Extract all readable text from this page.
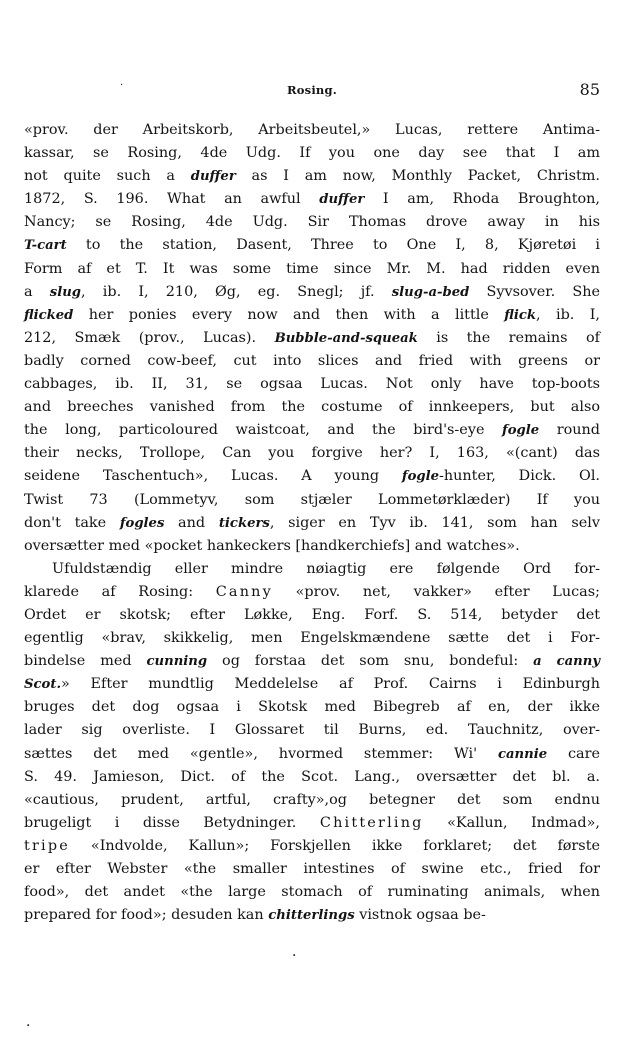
Rosing.	85
«prov. der Arbeitskorb, Arbeitsbeutel,» Lucas, rettere Antima-
kassar, se Rosing, 4de Udg. If you one day see that I am
not quite such a duffer as I am now, Monthly Packet, Christm.
1872, S. 196. What an awful duffer I am, Rhoda Broughton,
Nancy; se Rosing, 4de Udg. Sir Thomas drove away in his
T-cart to the station, Dasent, Three to One I, 8, Kjøretøi i
Form af et T. It was some time since Mr. M. had ridden even
a slug, ib. I, 210, Øg, eg. Snegl; jf. slug-a-bed Syvsover. She
flicked her ponies every now and then with a little flick, ib. I,
212, Smæk (prov., Lucas). Bubble-and-squeak is the remains of
badly corned cow-beef, cut into slices and fried with greens or
cabbages, ib. II, 31, se ogsaa Lucas. Not only have top-boots
and breeches vanished from the costume of innkeepers, but also
the long, particoloured waistcoat, and the bird's-eye fogle round
their necks, Trollope, Can you forgive her? I, 163, «(cant) das
seidene Taschentuch», Lucas. A young fogle-hunter, Dick. Ol.
Twist 73 (Lommetyv, som stjæler Lommetørklæder) If you
don't take fogles and tickers, siger en Tyv ib. 141, som han selv
oversætter med «pocket hankeckers [handkerchiefs] and watches».
Ufuldstændig eller mindre nøiagtig ere følgende Ord for-
klarede af Rosing: Canny «prov. net, vakker» efter Lucas;
Ordet er skotsk; efter Løkke, Eng. Forf. S. 514, betyder det
egentlig «brav, skikkelig, men Engelskmændene sætte det i For-
bindelse med cunning og forstaa det som snu, bondeful: a canny
Scot.» Efter mundtlig Meddelelse af Prof. Cairns i Edinburgh
bruges det dog ogsaa i Skotsk med Bibegreb af en, der ikke
lader sig overliste. I Glossaret til Burns, ed. Tauchnitz, over-
sættes det med «gentle», hvormed stemmer: Wi' cannie care
S. 49. Jamieson, Dict. of the Scot. Lang., oversætter det bl. a.
«cautious, prudent, artful, crafty»,og betegner det som endnu
brugeligt i disse Betydninger. Chitterling «Kallun, Indmad»,
tripe «Indvolde, Kallun»; Forskjellen ikke forklaret; det første
er efter Webster «the smaller intestines of swine etc., fried for
food», det andet «the large stomach of ruminating animals, when
prepared for food»; desuden kan chitterlings vistnok ogsaa be-
·
·
·
